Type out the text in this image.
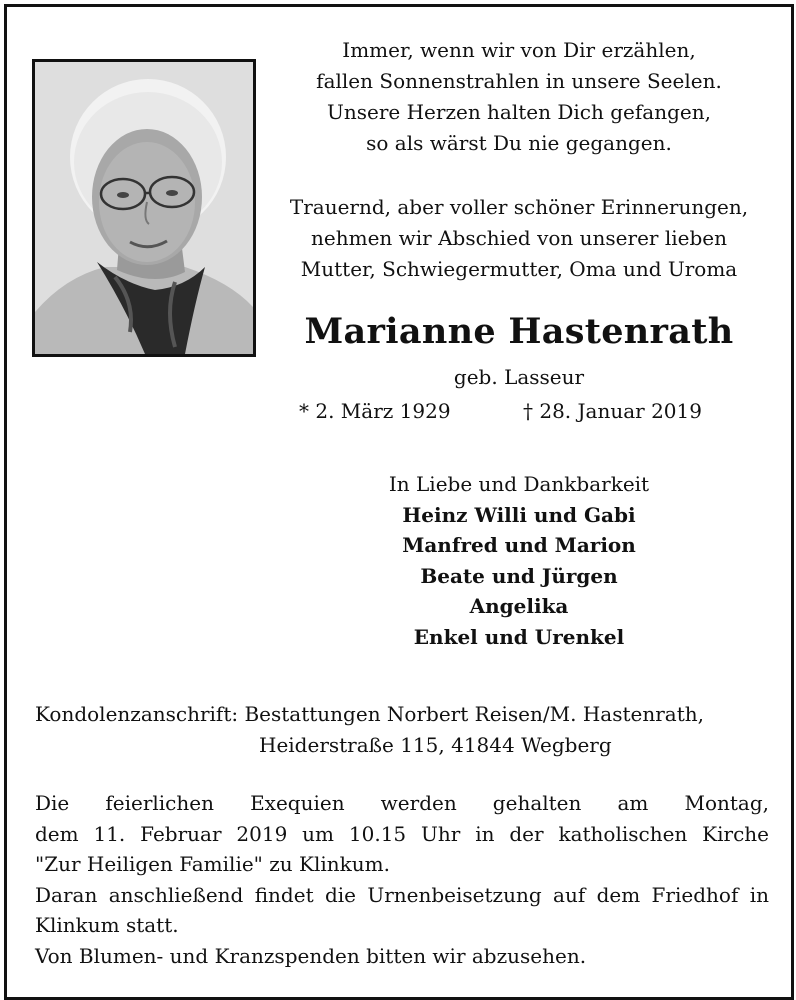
Immer, wenn wir von Dir erzählen,
fallen Sonnenstrahlen in unsere Seelen.
Unsere Herzen halten Dich gefangen,
so als wärst Du nie gegangen.
Trauernd, aber voller schöner Erinnerungen,
nehmen wir Abschied von unserer lieben
Mutter, Schwiegermutter, Oma und Uroma
Marianne Hastenrath
geb. Lasseur
* 2. März 1929	† 28. Januar 2019
In Liebe und Dankbarkeit
Heinz Willi und Gabi
Manfred und Marion
Beate und Jürgen
Angelika
Enkel und Urenkel
Kondolenzanschrift: Bestattungen Norbert Reisen/M. Hastenrath,
Heiderstraße 115, 41844 Wegberg
Die feierlichen Exequien werden gehalten am Montag,
dem 11. Februar 2019 um 10.15 Uhr in der katholischen Kirche
"Zur Heiligen Familie" zu Klinkum.
Daran anschließend findet die Urnenbeisetzung auf dem Friedhof in
Klinkum statt.
Von Blumen- und Kranzspenden bitten wir abzusehen.
